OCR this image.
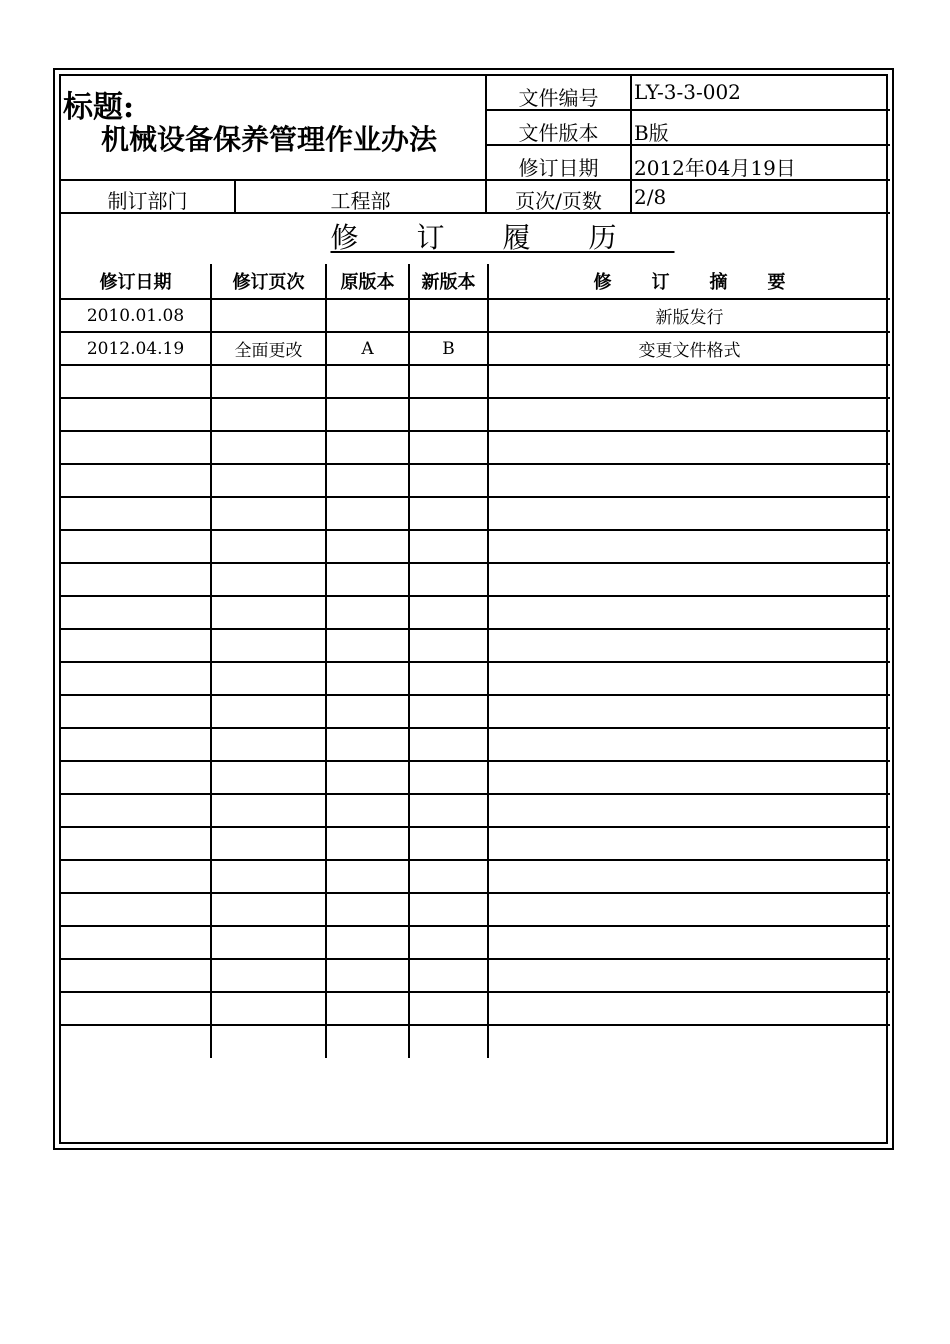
标题:
机械设备保养管理作业办法
文件编号	LY-3-3-002
文件版本	B版
修订日期	2012年04月19日
制订部门	工程部	页次/页数	2/8
修订履历
修订日期	修订页次	原版本	新版本	修订摘要
2010.01.08				新版发行
2012.04.19	全面更改	A	B	变更文件格式
